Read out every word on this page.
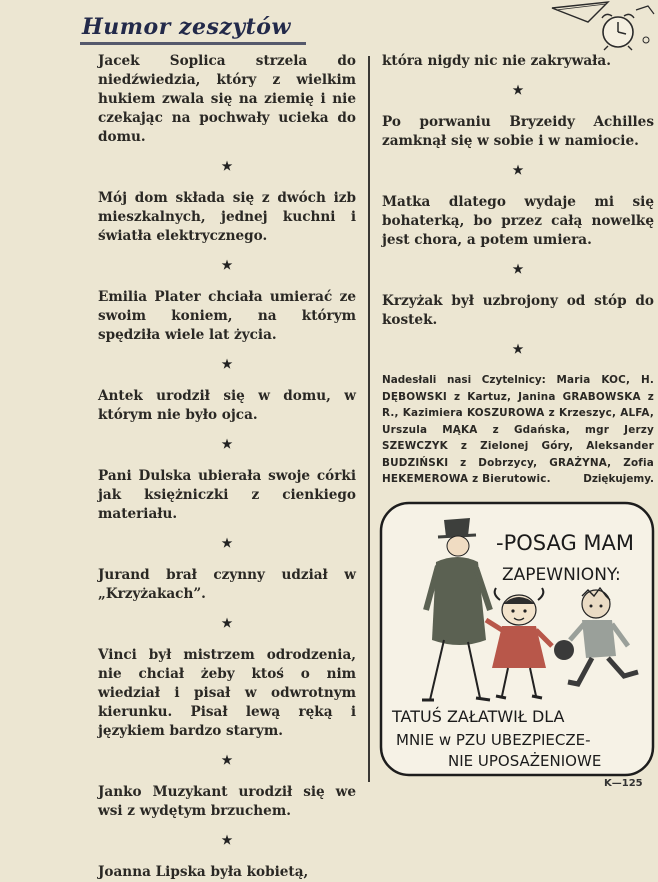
Humor zeszytów

Jacek Soplica strzela do niedźwiedzia, który z wielkim hukiem zwala się na ziemię i nie czekając na pochwały ucieka do domu.

★

Mój dom składa się z dwóch izb mieszkalnych, jednej kuchni i światła elektrycznego.

★

Emilia Plater chciała umierać ze swoim koniem, na którym spędziła wiele lat życia.

★

Antek urodził się w domu, w którym nie było ojca.

★

Pani Dulska ubierała swoje córki jak księżniczki z cienkiego materiału.

★

Jurand brał czynny udział w „Krzyżakach”.

★

Vinci był mistrzem odrodzenia, nie chciał żeby ktoś o nim wiedział i pisał w odwrotnym kierunku. Pisał lewą ręką i językiem bardzo starym.

★

Janko Muzykant urodził się we wsi z wydętym brzuchem.

★

Joanna Lipska była kobietą,

która nigdy nic nie zakrywała.

★

Po porwaniu Bryzeidy Achilles zamknął się w sobie i w namiocie.

★

Matka dlatego wydaje mi się bohaterką, bo przez całą nowelkę jest chora, a potem umiera.

★

Krzyżak był uzbrojony od stóp do kostek.

★

Nadesłali nasi Czytelnicy: Maria KOC, H. DĘBOWSKI z Kartuz, Janina GRABOWSKA z R., Kazimiera KOSZUROWA z Krzeszyc, ALFA, Urszula MĄKA z Gdańska, mgr Jerzy SZEWCZYK z Zielonej Góry, Aleksander BUDZIŃSKI z Dobrzycy, GRAŻYNA, Zofia HEKEMEROWA z Bierutowic.	Dziękujemy.

-POSAG MAM
ZAPEWNIONY:
TATUŚ ZAŁATWIŁ DLA
MNIE w PZU UBEZPIECZE-
NIE UPOSAŻENIOWE
K—125
